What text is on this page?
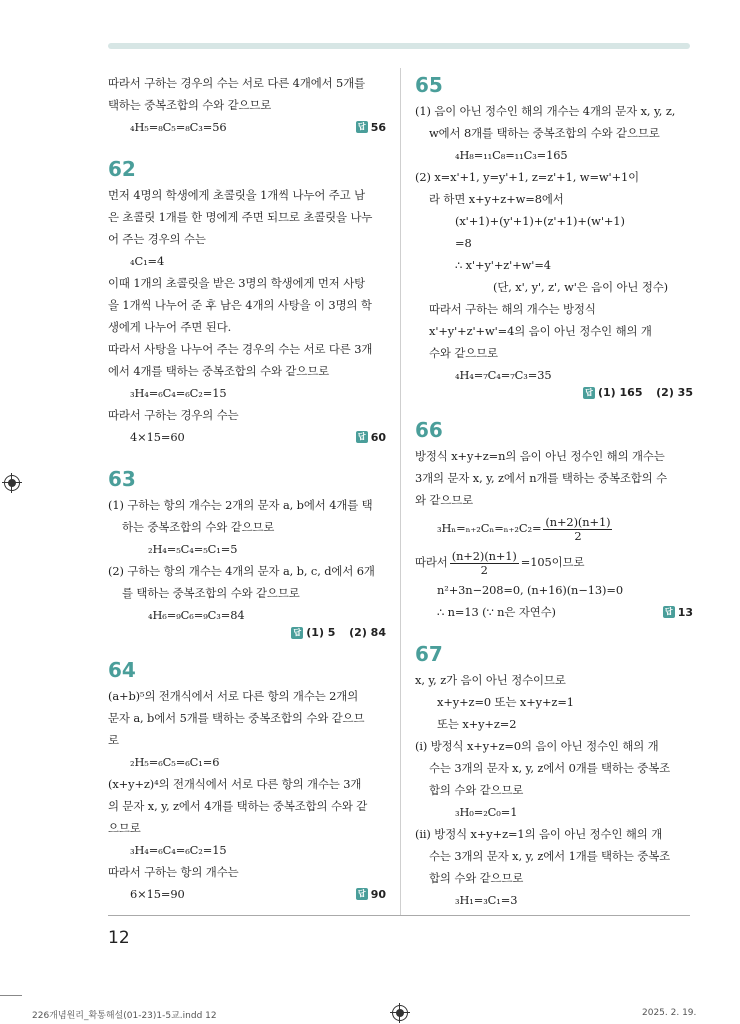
따라서 구하는 경우의 수는 서로 다른 4개에서 5개를
택하는 중복조합의 수와 같으므로
₄H₅=₈C₅=₈C₃=56	답 56
62
먼저 4명의 학생에게 초콜릿을 1개씩 나누어 주고 남
은 초콜릿 1개를 한 명에게 주면 되므로 초콜릿을 나누
어 주는 경우의 수는
₄C₁=4
이때 1개의 초콜릿을 받은 3명의 학생에게 먼저 사탕
을 1개씩 나누어 준 후 남은 4개의 사탕을 이 3명의 학
생에게 나누어 주면 된다.
따라서 사탕을 나누어 주는 경우의 수는 서로 다른 3개
에서 4개를 택하는 중복조합의 수와 같으므로
₃H₄=₆C₄=₆C₂=15
따라서 구하는 경우의 수는
4×15=60	답 60
63
(1) 구하는 항의 개수는 2개의 문자 a, b에서 4개를 택
하는 중복조합의 수와 같으므로
₂H₄=₅C₄=₅C₁=5
(2) 구하는 항의 개수는 4개의 문자 a, b, c, d에서 6개
를 택하는 중복조합의 수와 같으므로
₄H₆=₉C₆=₉C₃=84
답 (1) 5
(2) 84
64
(a+b)⁵의 전개식에서 서로 다른 항의 개수는 2개의
문자 a, b에서 5개를 택하는 중복조합의 수와 같으므
로
₂H₅=₆C₅=₆C₁=6
(x+y+z)⁴의 전개식에서 서로 다른 항의 개수는 3개
의 문자 x, y, z에서 4개를 택하는 중복조합의 수와 같
으므로
₃H₄=₆C₄=₆C₂=15
따라서 구하는 항의 개수는
6×15=90	답 90
65
(1) 음이 아닌 정수인 해의 개수는 4개의 문자 x, y, z,
w에서 8개를 택하는 중복조합의 수와 같으므로
₄H₈=₁₁C₈=₁₁C₃=165
(2) x=x'+1, y=y'+1, z=z'+1, w=w'+1이
라 하면 x+y+z+w=8에서
(x'+1)+(y'+1)+(z'+1)+(w'+1)
=8
∴ x'+y'+z'+w'=4
(단, x', y', z', w'은 음이 아닌 정수)
따라서 구하는 해의 개수는 방정식
x'+y'+z'+w'=4의 음이 아닌 정수인 해의 개
수와 같으므로
₄H₄=₇C₄=₇C₃=35
답 (1) 165
(2) 35
66
방정식 x+y+z=n의 음이 아닌 정수인 해의 개수는
3개의 문자 x, y, z에서 n개를 택하는 중복조합의 수
와 같으므로
$_3H_n=_{n+2}C_n=_{n+2}C_2= \frac{(n+2)(n+1)}{2}$
따라서 $\frac{(n+2)(n+1)}{2} =105$이므로
n²+3n−208=0, (n+16)(n−13)=0
∴ n=13 (∵ n은 자연수)	답 13
67
x, y, z가 음이 아닌 정수이므로
x+y+z=0 또는 x+y+z=1
또는 x+y+z=2
(i) 방정식 x+y+z=0의 음이 아닌 정수인 해의 개
수는 3개의 문자 x, y, z에서 0개를 택하는 중복조
합의 수와 같으므로
₃H₀=₂C₀=1
(ii) 방정식 x+y+z=1의 음이 아닌 정수인 해의 개
수는 3개의 문자 x, y, z에서 1개를 택하는 중복조
합의 수와 같으므로
₃H₁=₃C₁=3
12
226개념원리_확통해설(01-23)1-5교.indd 12	2025. 2. 19.
